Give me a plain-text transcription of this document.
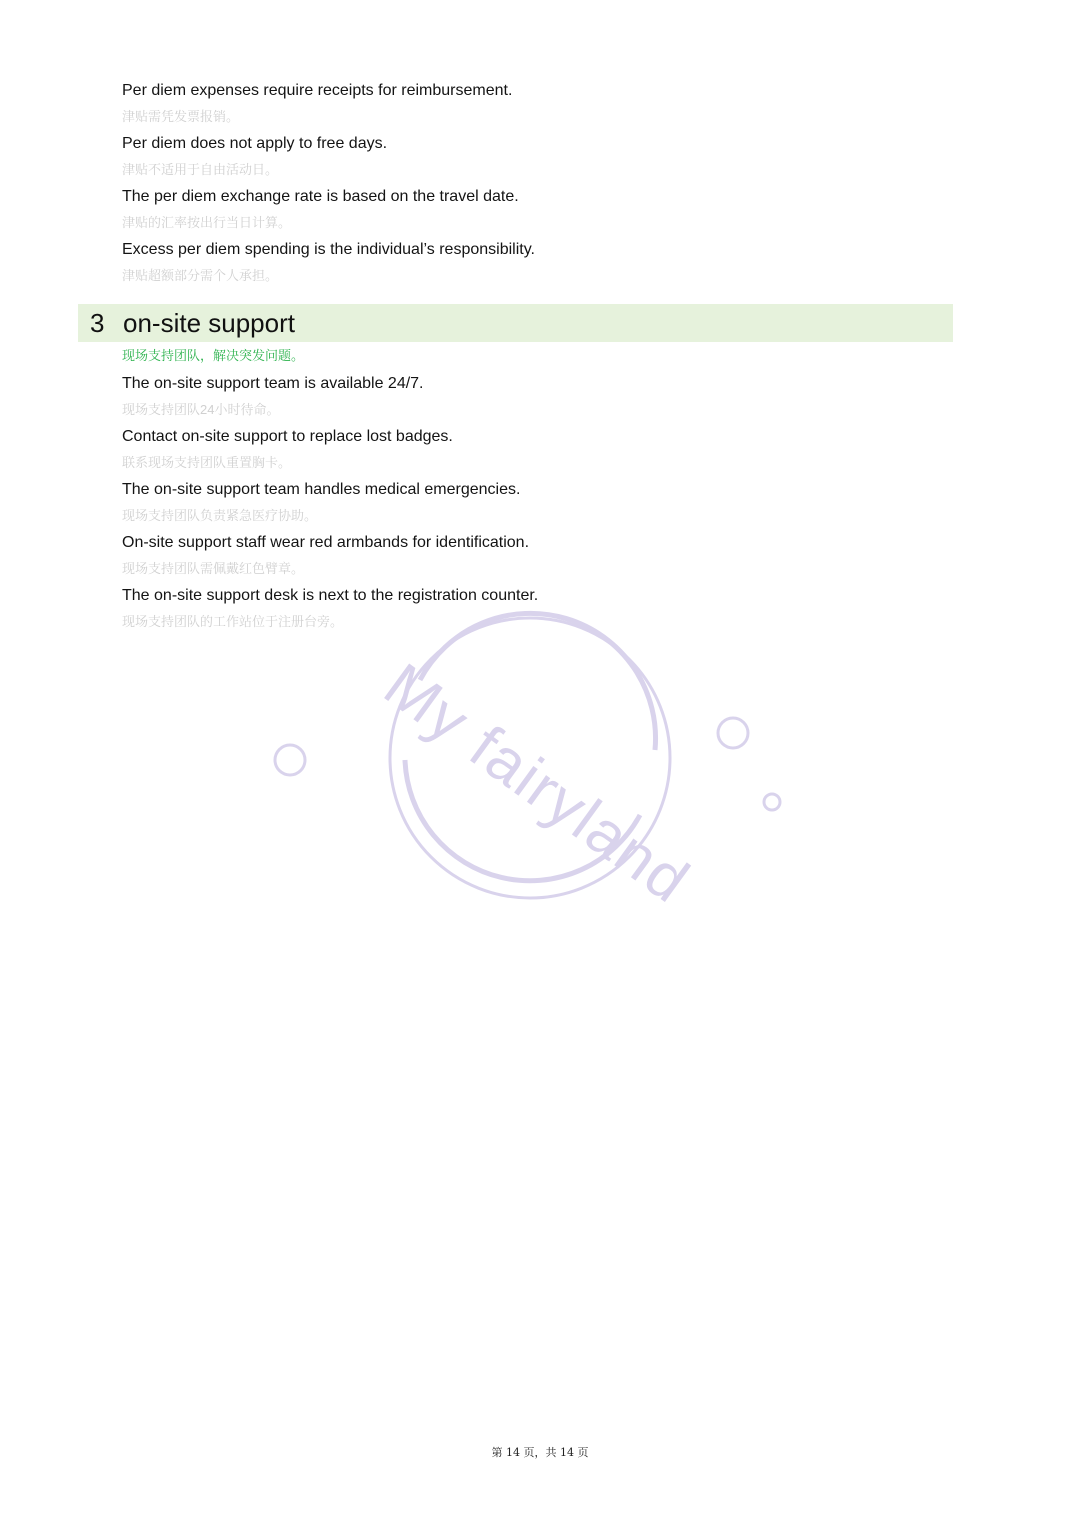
Per diem expenses require receipts for reimbursement.
津贴需凭发票报销。
Per diem does not apply to free days.
津贴不适用于自由活动日。
The per diem exchange rate is based on the travel date.
津贴的汇率按出行当日计算。
Excess per diem spending is the individual’s responsibility.
津贴超额部分需个人承担。
3 on-site support
现场支持团队，解决突发问题。
The on-site support team is available 24/7.
现场支持团队24小时待命。
Contact on-site support to replace lost badges.
联系现场支持团队重置胸卡。
The on-site support team handles medical emergencies.
现场支持团队负责紧急医疗协助。
On-site support staff wear red armbands for identification.
现场支持团队需佩戴红色臂章。
The on-site support desk is next to the registration counter.
现场支持团队的工作站位于注册台旁。
My fairyland
第 14 页，共 14 页
